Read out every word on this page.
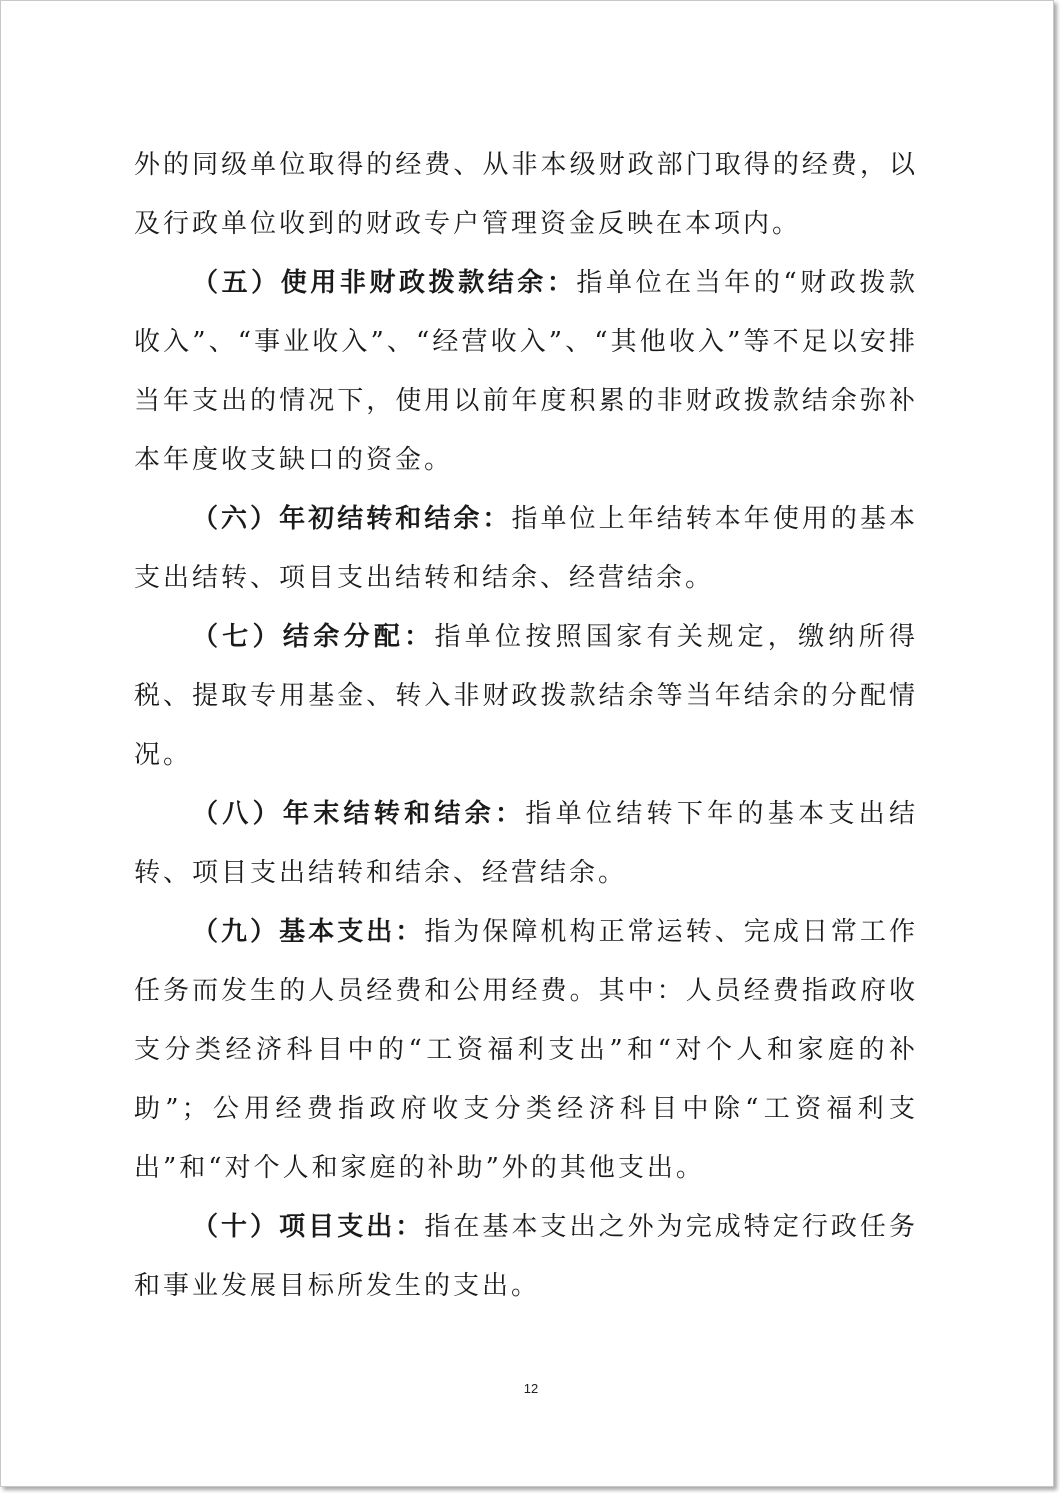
外的同级单位取得的经费、从非本级财政部门取得的经费，以及行政单位收到的财政专户管理资金反映在本项内。

（五）使用非财政拨款结余：指单位在当年的“财政拨款收入”、“事业收入”、“经营收入”、“其他收入”等不足以安排当年支出的情况下，使用以前年度积累的非财政拨款结余弥补本年度收支缺口的资金。

（六）年初结转和结余：指单位上年结转本年使用的基本支出结转、项目支出结转和结余、经营结余。

（七）结余分配：指单位按照国家有关规定，缴纳所得税、提取专用基金、转入非财政拨款结余等当年结余的分配情况。

（八）年末结转和结余：指单位结转下年的基本支出结转、项目支出结转和结余、经营结余。

（九）基本支出：指为保障机构正常运转、完成日常工作任务而发生的人员经费和公用经费。其中：人员经费指政府收支分类经济科目中的“工资福利支出”和“对个人和家庭的补助”；公用经费指政府收支分类经济科目中除“工资福利支出”和“对个人和家庭的补助”外的其他支出。

（十）项目支出：指在基本支出之外为完成特定行政任务和事业发展目标所发生的支出。

12
